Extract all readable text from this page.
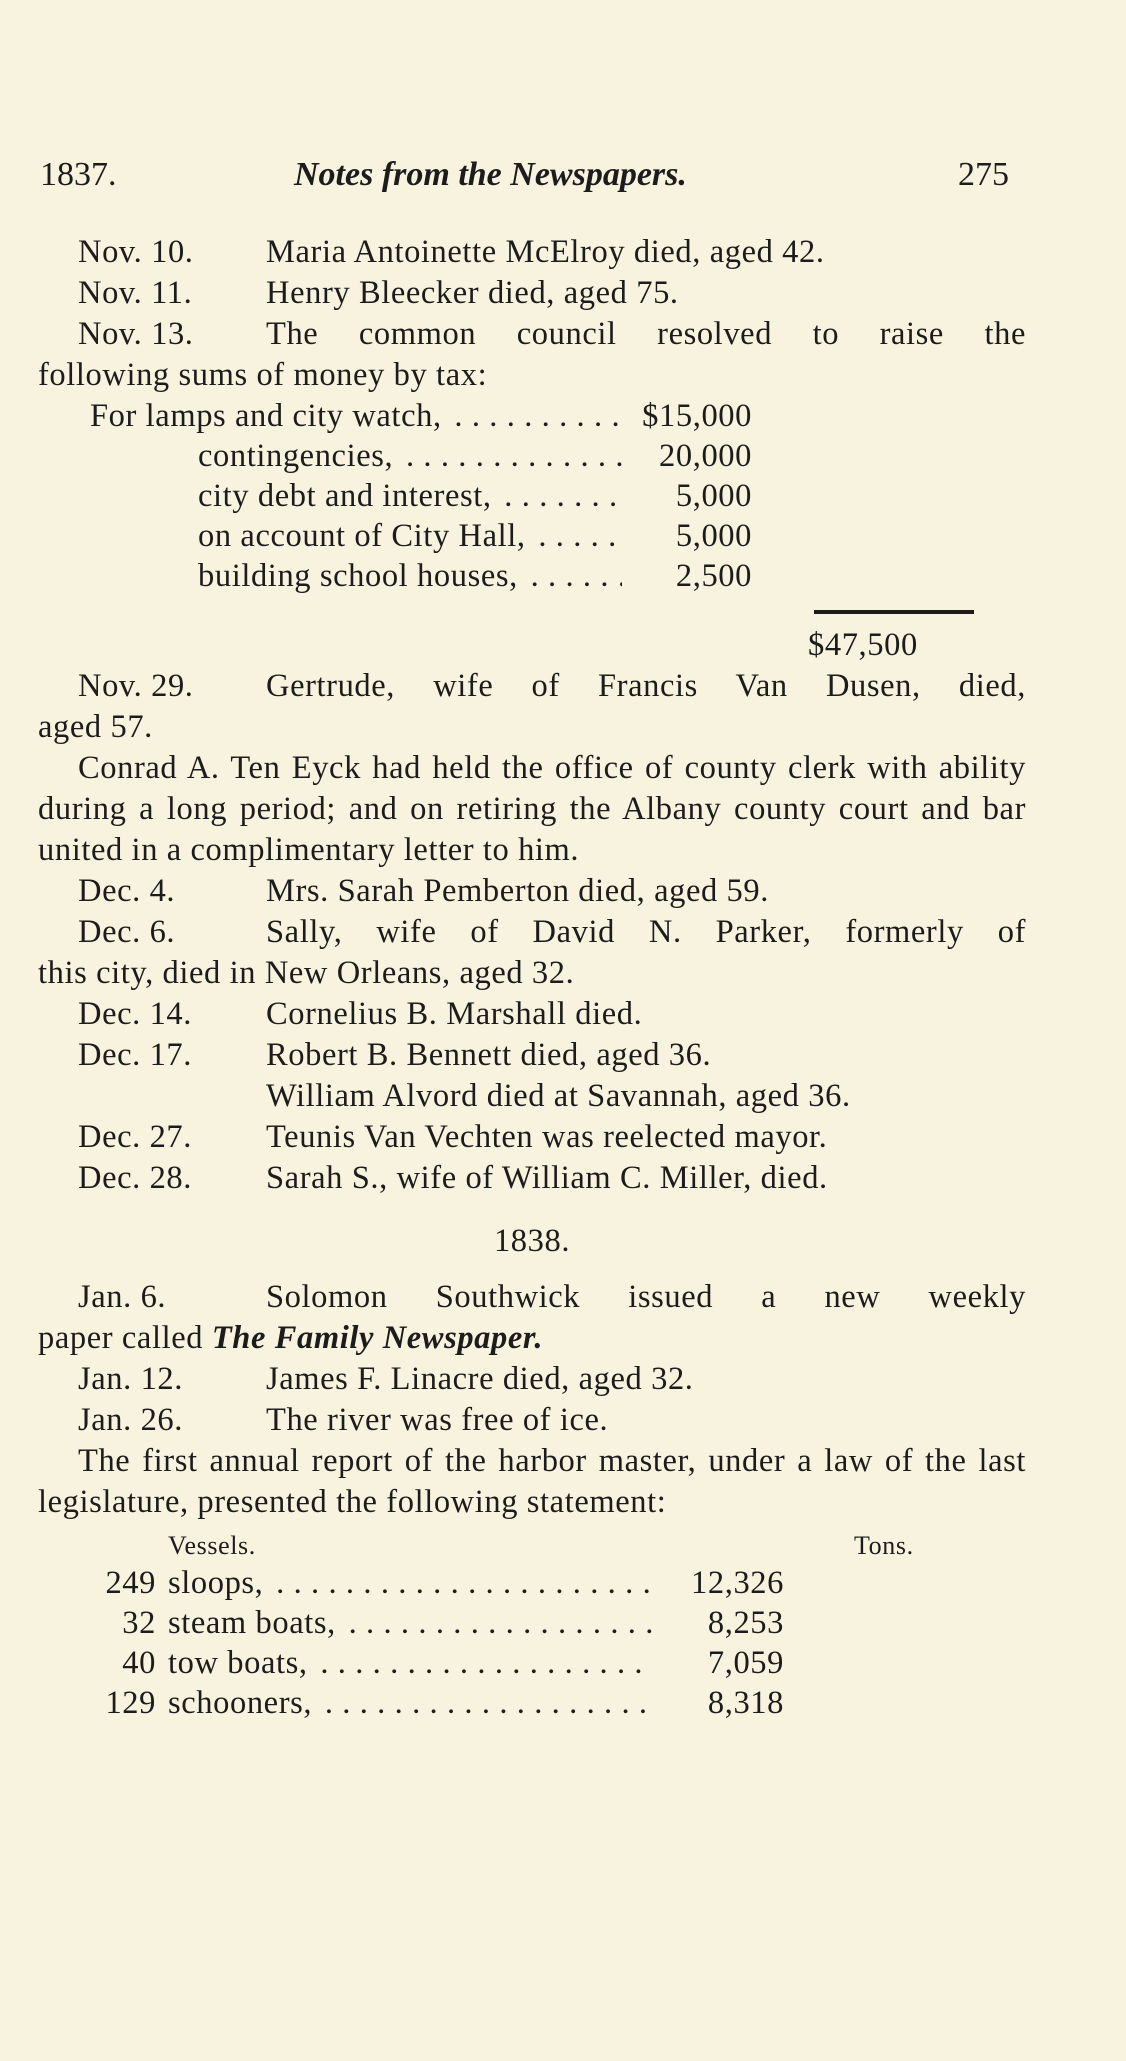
1837.	Notes from the Newspapers.	275
Nov. 10.	Maria Antoinette McElroy died, aged 42.
Nov. 11.	Henry Bleecker died, aged 75.
Nov. 13.	The common council resolved to raise the
following sums of money by tax:
For lamps and city watch, . . .	$15,000
contingencies, . . .	20,000
city debt and interest, . . .	5,000
on account of City Hall, . . .	5,000
building school houses, . . .	2,500
$47,500
Nov. 29.	Gertrude, wife of Francis Van Dusen, died,
aged 57.
Conrad A. Ten Eyck had held the office of county clerk with ability during a long period; and on retiring the Albany county court and bar united in a complimentary letter to him.
Dec. 4.	Mrs. Sarah Pemberton died, aged 59.
Dec. 6.	Sally, wife of David N. Parker, formerly of
this city, died in New Orleans, aged 32.
Dec. 14.	Cornelius B. Marshall died.
Dec. 17.	Robert B. Bennett died, aged 36.
William Alvord died at Savannah, aged 36.
Dec. 27.	Teunis Van Vechten was reelected mayor.
Dec. 28.	Sarah S., wife of William C. Miller, died.
1838.
Jan. 6.	Solomon Southwick issued a new weekly
paper called The Family Newspaper.
Jan. 12.	James F. Linacre died, aged 32.
Jan. 26.	The river was free of ice.
The first annual report of the harbor master, under a law of the last legislature, presented the following statement:
Vessels.	Tons.
249 sloops, . . .	12,326
32 steam boats, . . .	8,253
40 tow boats, . . .	7,059
129 schooners, . . .	8,318
